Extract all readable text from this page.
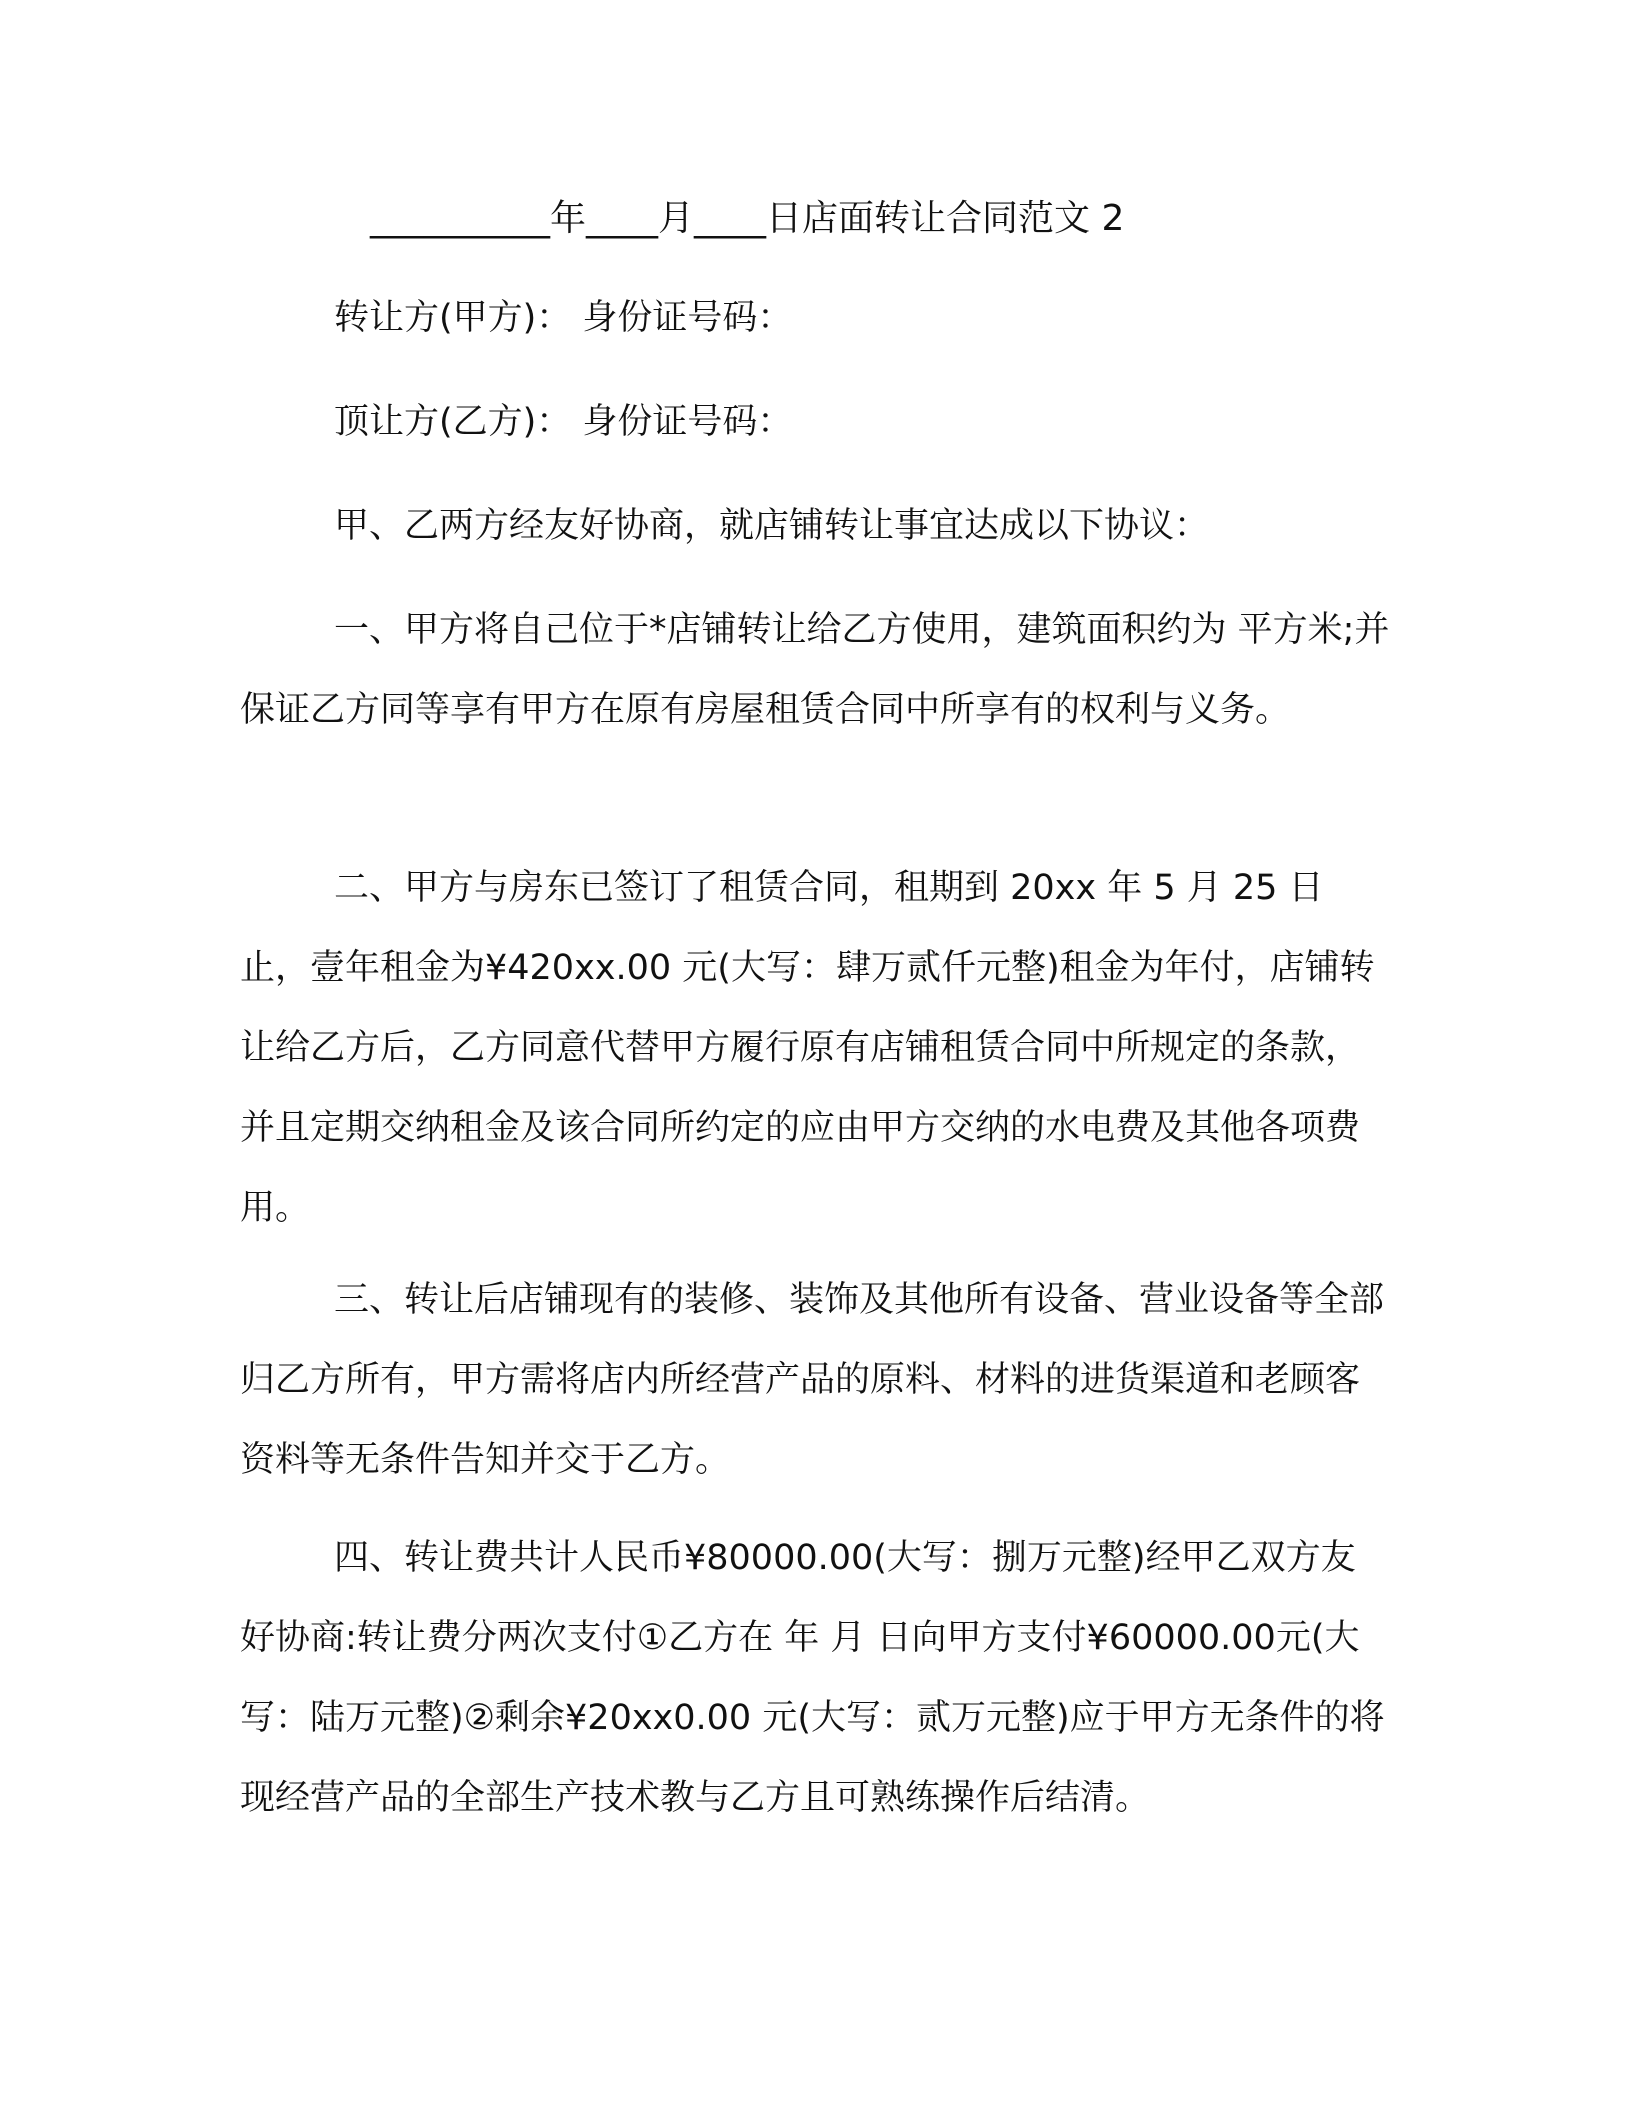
__________年____月____日店面转让合同范文 2
转让方(甲方)： 身份证号码：
顶让方(乙方)： 身份证号码：
甲、乙两方经友好协商，就店铺转让事宜达成以下协议：
一、甲方将自己位于*店铺转让给乙方使用，建筑面积约为 平方米;并保证乙方同等享有甲方在原有房屋租赁合同中所享有的权利与义务。
二、甲方与房东已签订了租赁合同，租期到 20xx 年 5 月 25 日止，壹年租金为¥420xx.00 元(大写：肆万贰仟元整)租金为年付，店铺转让给乙方后，乙方同意代替甲方履行原有店铺租赁合同中所规定的条款，并且定期交纳租金及该合同所约定的应由甲方交纳的水电费及其他各项费用。
三、转让后店铺现有的装修、装饰及其他所有设备、营业设备等全部归乙方所有，甲方需将店内所经营产品的原料、材料的进货渠道和老顾客资料等无条件告知并交于乙方。
四、转让费共计人民币¥80000.00(大写：捌万元整)经甲乙双方友好协商:转让费分两次支付①乙方在 年 月 日向甲方支付¥60000.00元(大写：陆万元整)②剩余¥20xx0.00 元(大写：贰万元整)应于甲方无条件的将现经营产品的全部生产技术教与乙方且可熟练操作后结清。
